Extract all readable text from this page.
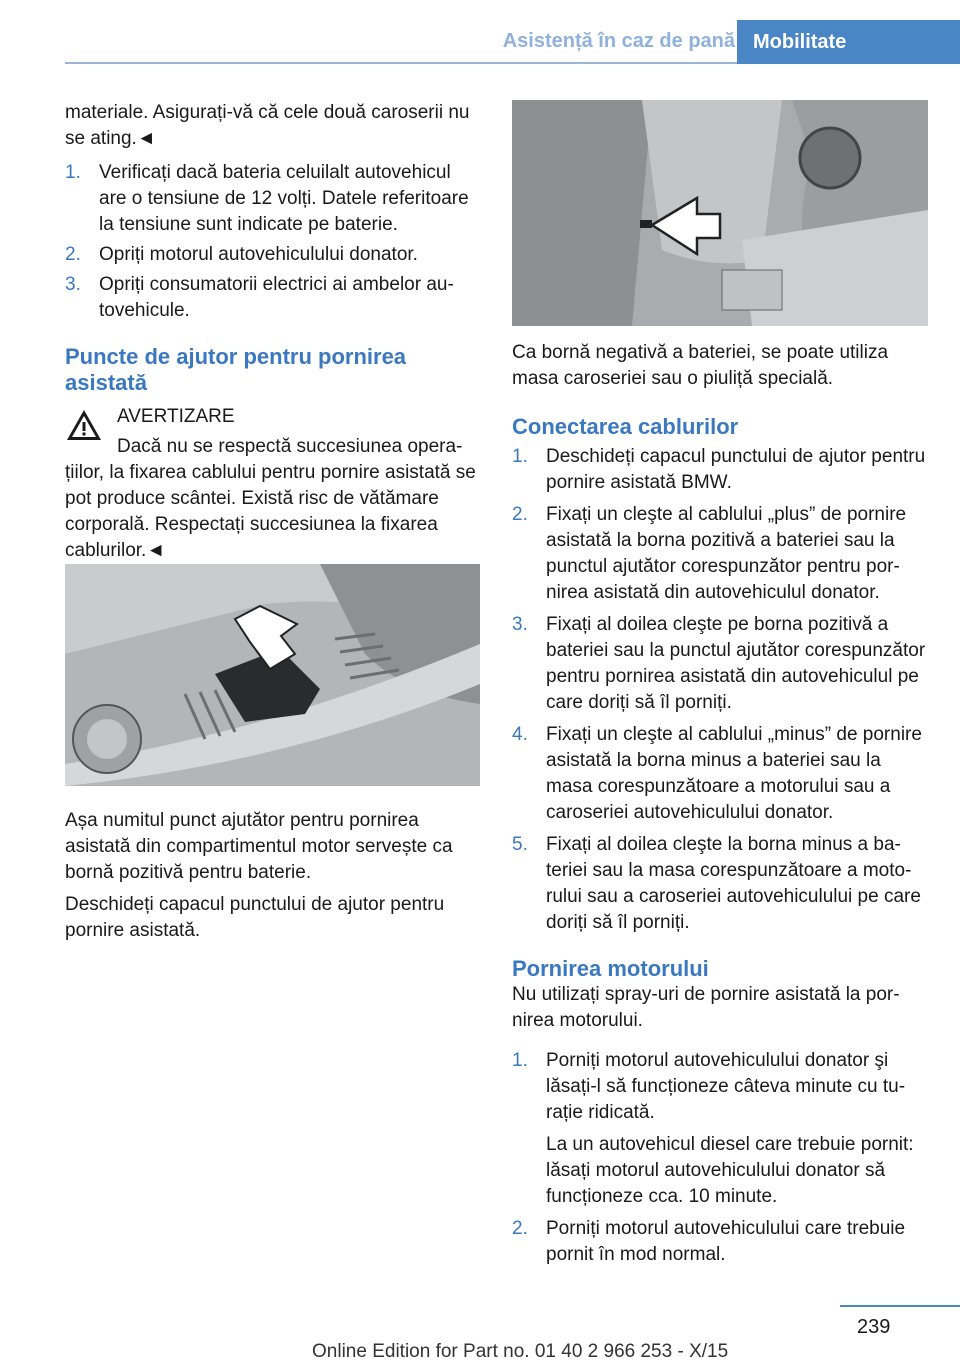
Asistență în caz de pană Mobilitate

materiale. Asigurați-vă că cele două caroserii nu se ating.◄

1. Verificați dacă bateria celuilalt autovehicul are o tensiune de 12 volți. Datele referitoare la tensiune sunt indicate pe baterie.
2. Opriți motorul autovehiculului donator.
3. Opriți consumatorii electrici ai ambelor autovehicule.
Puncte de ajutor pentru pornirea asistată

AVERTIZARE

Dacă nu se respectă succesiunea operațiilor, la fixarea cablului pentru pornire asistată se pot produce scântei. Există risc de vătămare corporală. Respectați succesiunea la fixarea cablurilor.◄

Așa numitul punct ajutător pentru pornirea asistată din compartimentul motor servește ca bornă pozitivă pentru baterie.

Deschideți capacul punctului de ajutor pentru pornire asistată.

Ca bornă negativă a bateriei, se poate utiliza masa caroseriei sau o piuliță specială.

Conectarea cablurilor
1. Deschideți capacul punctului de ajutor pentru pornire asistată BMW.
2. Fixați un cleşte al cablului „plus” de pornire asistată la borna pozitivă a bateriei sau la punctul ajutător corespunzător pentru pornirea asistată din autovehiculul donator.
3. Fixați al doilea cleşte pe borna pozitivă a bateriei sau la punctul ajutător corespunzător pentru pornirea asistată din autovehiculul pe care doriți să îl porniți.
4. Fixați un cleşte al cablului „minus” de pornire asistată la borna minus a bateriei sau la masa corespunzătoare a motorului sau a caroseriei autovehiculului donator.
5. Fixați al doilea cleşte la borna minus a bateriei sau la masa corespunzătoare a motorului sau a caroseriei autovehiculului pe care doriți să îl porniți.
Pornirea motorului

Nu utilizați spray-uri de pornire asistată la pornirea motorului.

1. Porniți motorul autovehiculului donator şi lăsați-l să funcționeze câteva minute cu turație ridicată.
La un autovehicul diesel care trebuie pornit: lăsați motorul autovehiculului donator să funcționeze cca. 10 minute.
2. Porniți motorul autovehiculului care trebuie pornit în mod normal.
239
Online Edition for Part no. 01 40 2 966 253 - X/15
